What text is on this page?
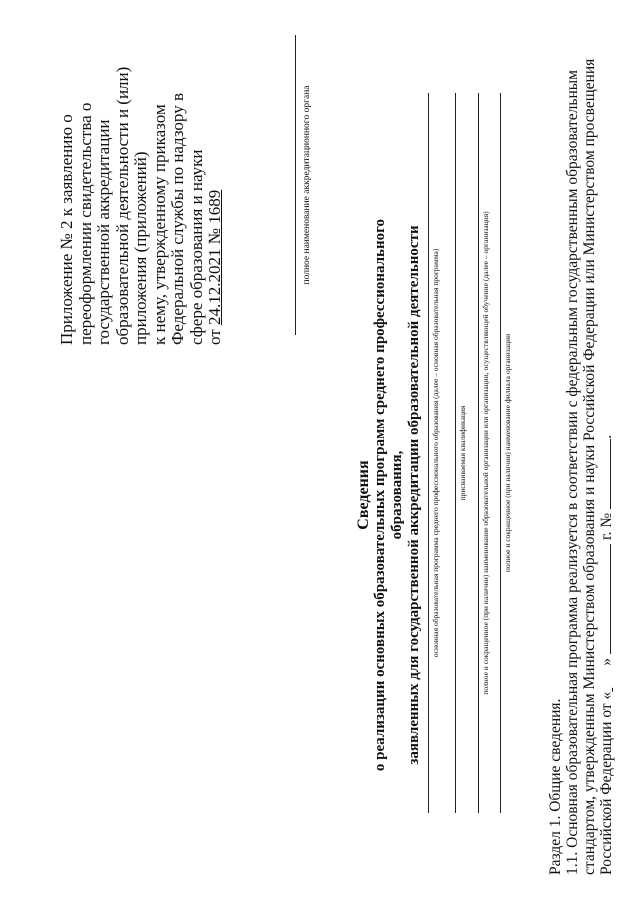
Приложение № 2 к заявлению о переоформлении свидетельства о государственной аккредитации образовательной деятельности и (или) приложения (приложений) к нему, утвержденному приказом Федеральной службы по надзору в сфере образования и науки от 24.12.2021 № 1689	полное наименование аккредитационного органа
Сведения о реализации основных образовательных программ среднего профессионального образования, заявленных для государственной аккредитации образовательной деятельности основная образовательная программа среднего профессионального образования (далее – основная образовательная программа) присваиваемая квалификация полное и сокращенное (при наличии) наименование образовательной организации или организации, осуществляющей обучение (далее – организация) полное и сокращенное (при наличии) наименование филиала организации
Раздел 1. Общие сведения. 1.1. Основная образовательная программа реализуется в соответствии с федеральным государственным образовательным стандартом, утвержденным Министерством образования и науки Российской Федерации или Министерством просвещения Российской Федерации от « »г. №.
